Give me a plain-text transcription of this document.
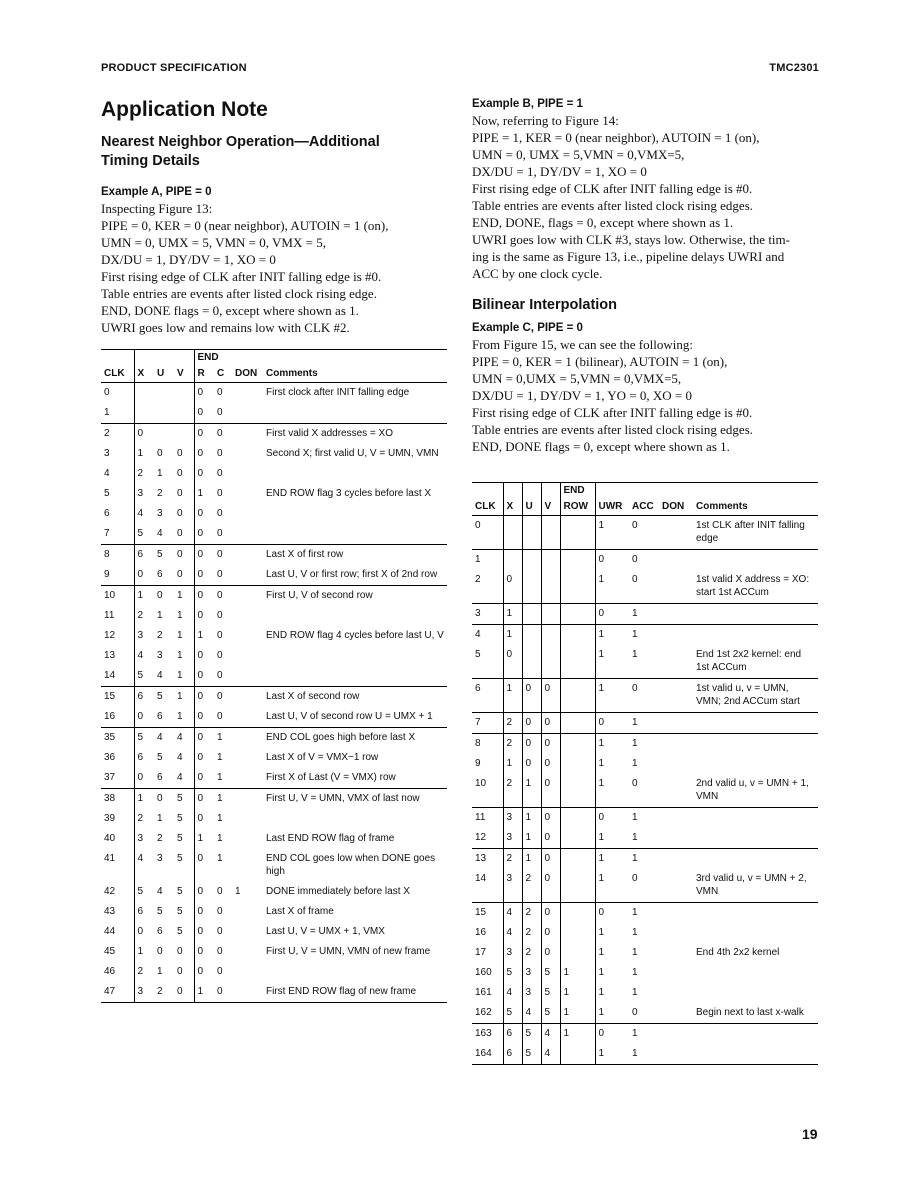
PRODUCT SPECIFICATION	TMC2301
Application Note
Nearest Neighbor Operation—Additional
Timing Details
Example A, PIPE = 0
Inspecting Figure 13:
PIPE = 0, KER = 0 (near neighbor), AUTOIN = 1 (on),
UMN = 0, UMX = 5, VMN = 0, VMX = 5,
DX/DU = 1, DY/DV = 1, XO = 0
First rising edge of CLK after INIT falling edge is #0.
Table entries are events after listed clock rising edge.
END, DONE flags = 0, except where shown as 1.
UWRI goes low and remains low with CLK #2.
				END			
CLK	X	U	V	R	C	DON	Comments
0				0	0		First clock after INIT falling edge
1				0	0		
2	0			0	0		First valid X addresses = XO
3	1	0	0	0	0		Second X; first valid U, V = UMN, VMN
4	2	1	0	0	0		
5	3	2	0	1	0		END ROW flag 3 cycles before last X
6	4	3	0	0	0		
7	5	4	0	0	0		
8	6	5	0	0	0		Last X of first row
9	0	6	0	0	0		Last U, V or first row; first X of 2nd row
10	1	0	1	0	0		First U, V of second row
11	2	1	1	0	0		
12	3	2	1	1	0		END ROW flag 4 cycles before last U, V
13	4	3	1	0	0		
14	5	4	1	0	0		
15	6	5	1	0	0		Last X of second row
16	0	6	1	0	0		Last U, V of second row U = UMX + 1
35	5	4	4	0	1		END COL goes high before last X
36	6	5	4	0	1		Last X of V = VMX−1 row
37	0	6	4	0	1		First X of Last (V = VMX) row
38	1	0	5	0	1		First U, V = UMN, VMX of last now
39	2	1	5	0	1		
40	3	2	5	1	1		Last END ROW flag of frame
41	4	3	5	0	1		END COL goes low when DONE goes high
42	5	4	5	0	0	1	DONE immediately before last X
43	6	5	5	0	0		Last X of frame
44	0	6	5	0	0		Last U, V = UMX + 1, VMX
45	1	0	0	0	0		First U, V = UMN, VMN of new frame
46	2	1	0	0	0		
47	3	2	0	1	0		First END ROW flag of new frame
Example B, PIPE = 1
Now, referring to Figure 14:
PIPE = 1, KER = 0 (near neighbor), AUTOIN = 1 (on),
UMN = 0, UMX = 5,VMN = 0,VMX=5,
DX/DU = 1, DY/DV = 1, XO = 0
First rising edge of CLK after INIT falling edge is #0.
Table entries are events after listed clock rising edges.
END, DONE, flags = 0, except where shown as 1.
UWRI goes low with CLK #3, stays low. Otherwise, the tim-
ing is the same as Figure 13, i.e., pipeline delays UWRI and
ACC by one clock cycle.
Bilinear Interpolation
Example C, PIPE = 0
From Figure 15, we can see the following:
PIPE = 0, KER = 1 (bilinear), AUTOIN = 1 (on),
UMN = 0,UMX = 5,VMN = 0,VMX=5,
DX/DU = 1, DY/DV = 1, YO = 0, XO = 0
First rising edge of CLK after INIT falling edge is #0.
Table entries are events after listed clock rising edges.
END, DONE flags = 0, except where shown as 1.
				END				
CLK	X	U	V	ROW	UWR	ACC	DON	Comments
0					1	0		1st CLK after INIT falling edge
1					0	0		
2	0				1	0		1st valid X address = XO: start 1st ACCum
3	1				0	1		
4	1				1	1		
5	0				1	1		End 1st 2x2 kernel: end 1st ACCum
6	1	0	0		1	0		1st valid u, v = UMN, VMN; 2nd ACCum start
7	2	0	0		0	1		
8	2	0	0		1	1		
9	1	0	0		1	1		
10	2	1	0		1	0		2nd valid u, v = UMN + 1, VMN
11	3	1	0		0	1		
12	3	1	0		1	1		
13	2	1	0		1	1		
14	3	2	0		1	0		3rd valid u, v = UMN + 2, VMN
15	4	2	0		0	1		
16	4	2	0		1	1		
17	3	2	0		1	1		End 4th 2x2 kernel
160	5	3	5	1	1	1		
161	4	3	5	1	1	1		
162	5	4	5	1	1	0		Begin next to last x-walk
163	6	5	4	1	0	1		
164	6	5	4		1	1		
19
